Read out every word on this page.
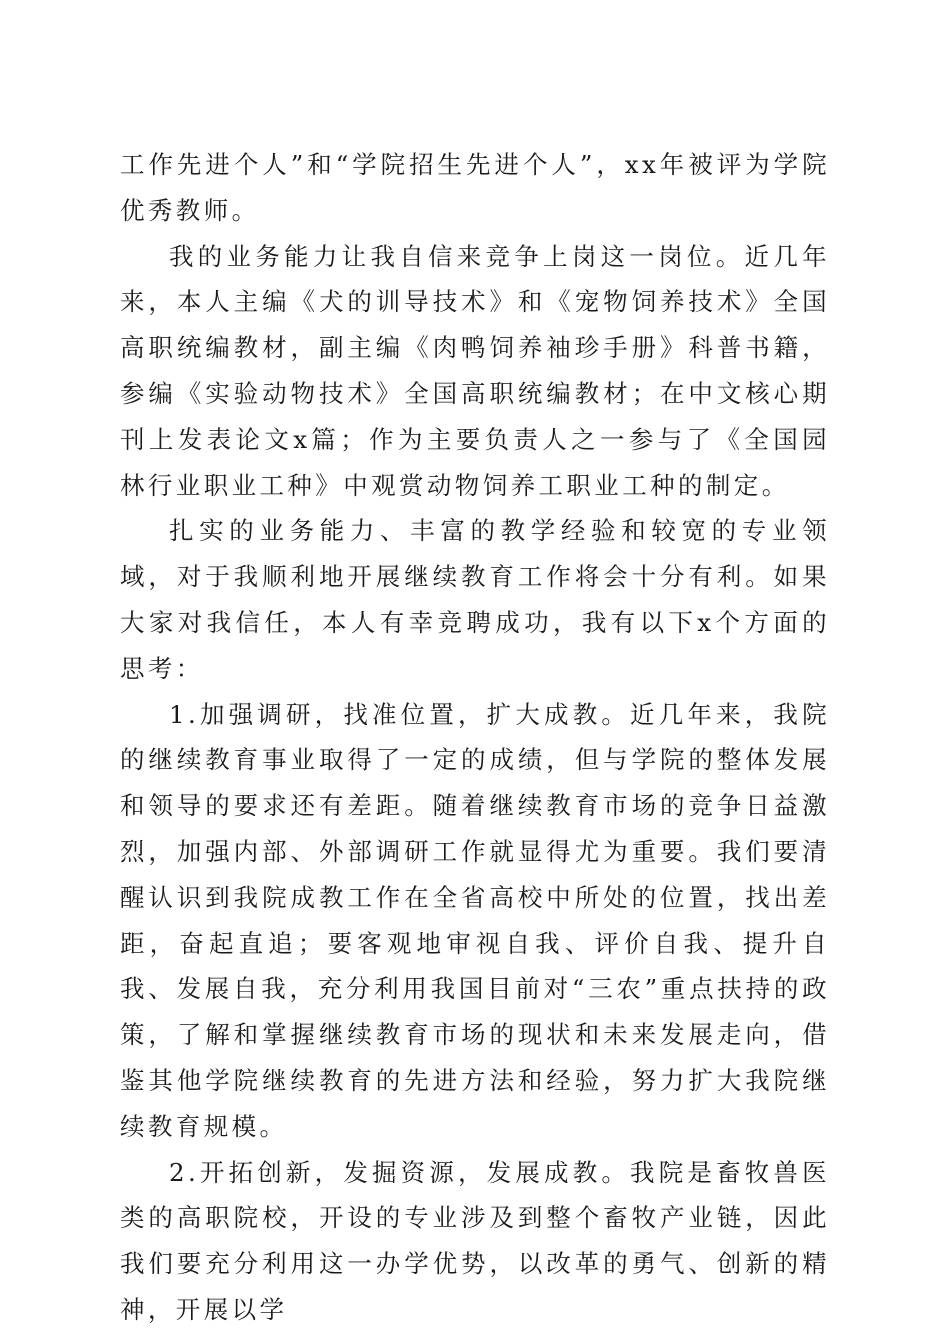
工作先进个人”和“学院招生先进个人”，xx年被评为学院优秀教师。

我的业务能力让我自信来竞争上岗这一岗位。近几年来，本人主编《犬的训导技术》和《宠物饲养技术》全国高职统编教材，副主编《肉鸭饲养袖珍手册》科普书籍，参编《实验动物技术》全国高职统编教材；在中文核心期刊上发表论文x篇；作为主要负责人之一参与了《全国园林行业职业工种》中观赏动物饲养工职业工种的制定。

扎实的业务能力、丰富的教学经验和较宽的专业领域，对于我顺利地开展继续教育工作将会十分有利。如果大家对我信任，本人有幸竞聘成功，我有以下x个方面的思考：

1.加强调研，找准位置，扩大成教。近几年来，我院的继续教育事业取得了一定的成绩，但与学院的整体发展和领导的要求还有差距。随着继续教育市场的竞争日益激烈，加强内部、外部调研工作就显得尤为重要。我们要清醒认识到我院成教工作在全省高校中所处的位置，找出差距，奋起直追；要客观地审视自我、评价自我、提升自我、发展自我，充分利用我国目前对“三农”重点扶持的政策，了解和掌握继续教育市场的现状和未来发展走向，借鉴其他学院继续教育的先进方法和经验，努力扩大我院继续教育规模。

2.开拓创新，发掘资源，发展成教。我院是畜牧兽医类的高职院校，开设的专业涉及到整个畜牧产业链，因此我们要充分利用这一办学优势，以改革的勇气、创新的精神，开展以学
